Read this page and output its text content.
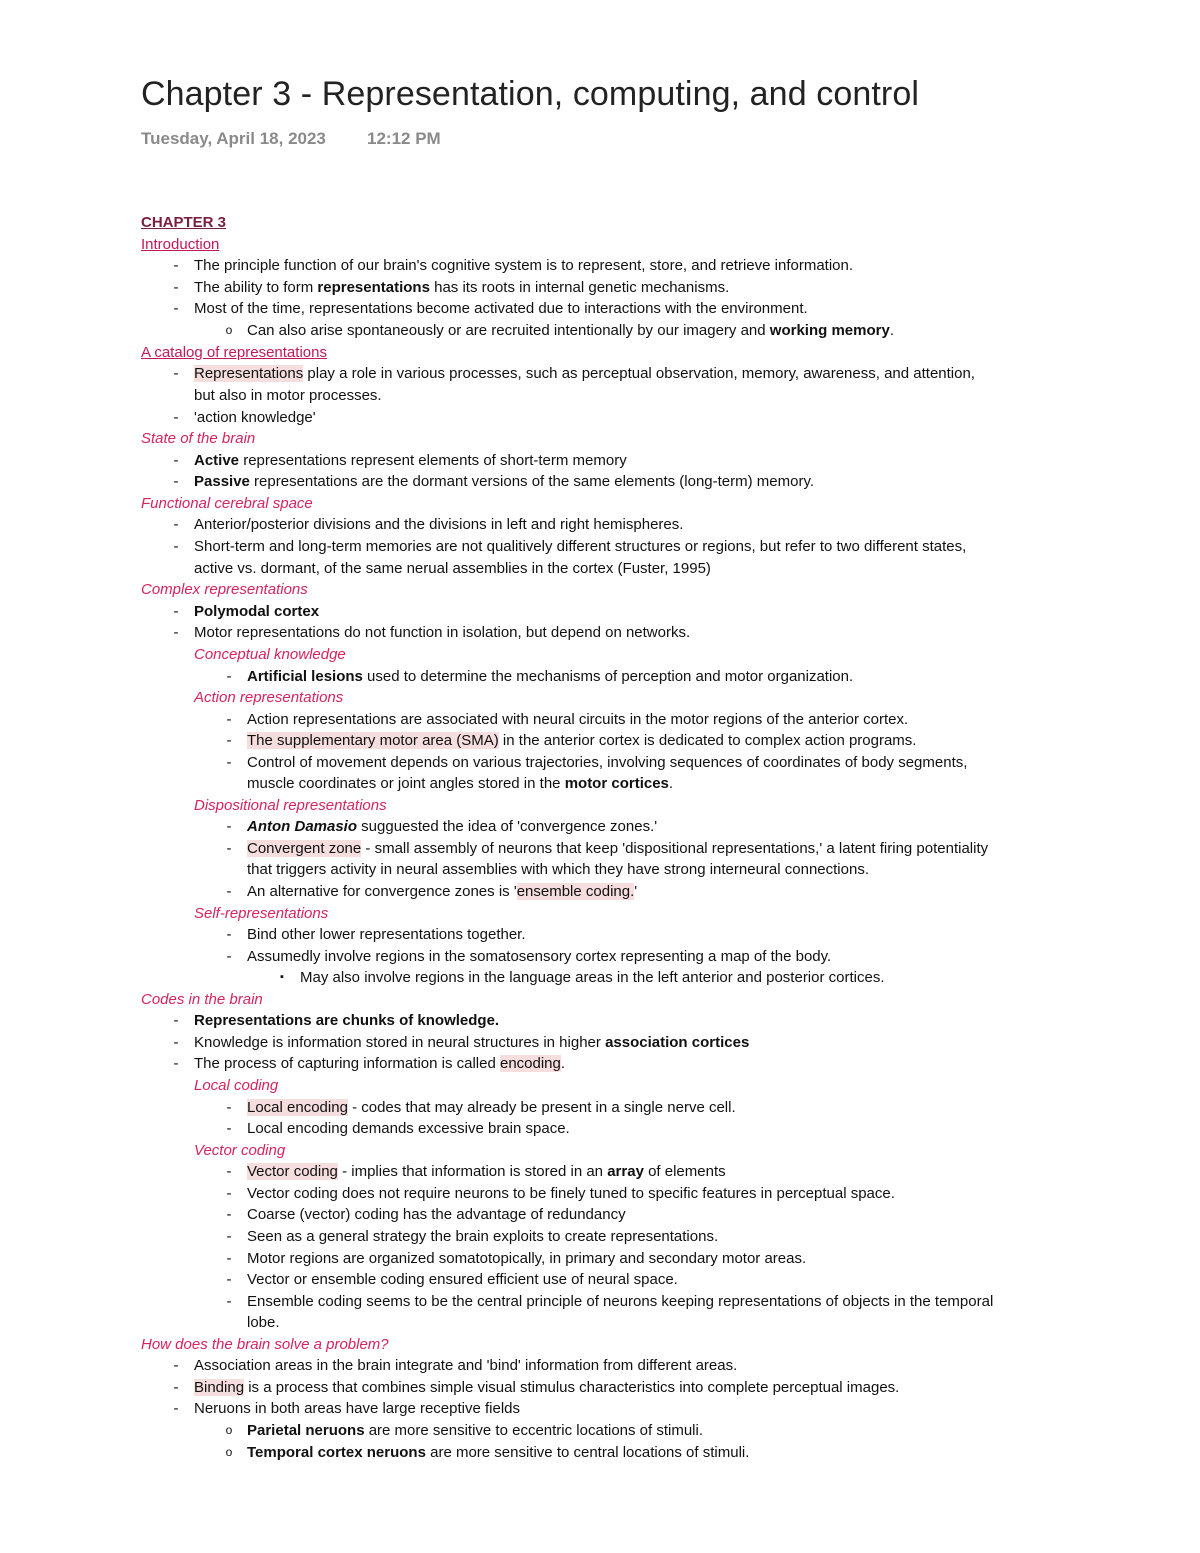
Chapter 3 - Representation, computing, and control
Tuesday, April 18, 2023 12:12 PM
CHAPTER 3
Introduction
-	The principle function of our brain's cognitive system is to represent, store, and retrieve information.
-	The ability to form representations has its roots in internal genetic mechanisms.
-	Most of the time, representations become activated due to interactions with the environment.
o Can also arise spontaneously or are recruited intentionally by our imagery and working memory.
A catalog of representations
-	Representations play a role in various processes, such as perceptual observation, memory, awareness, and attention,
but also in motor processes.
-	'action knowledge'
State of the brain
-	Active representations represent elements of short-term memory
-	Passive representations are the dormant versions of the same elements (long-term) memory.
Functional cerebral space
-	Anterior/posterior divisions and the divisions in left and right hemispheres.
-	Short-term and long-term memories are not qualitively different structures or regions, but refer to two different states,
active vs. dormant, of the same nerual assemblies in the cortex (Fuster, 1995)
Complex representations
-	Polymodal cortex
-	Motor representations do not function in isolation, but depend on networks.
Conceptual knowledge
-	Artificial lesions used to determine the mechanisms of perception and motor organization.
Action representations
-	Action representations are associated with neural circuits in the motor regions of the anterior cortex.
-	The supplementary motor area (SMA) in the anterior cortex is dedicated to complex action programs.
-	Control of movement depends on various trajectories, involving sequences of coordinates of body segments,
muscle coordinates or joint angles stored in the motor cortices.
Dispositional representations
-	Anton Damasio sugguested the idea of 'convergence zones.'
-	Convergent zone - small assembly of neurons that keep 'dispositional representations,' a latent firing potentiality
that triggers activity in neural assemblies with which they have strong interneural connections.
-	An alternative for convergence zones is 'ensemble coding.'
Self-representations
-	Bind other lower representations together.
-	Assumedly involve regions in the somatosensory cortex representing a map of the body.
▪	May also involve regions in the language areas in the left anterior and posterior cortices.
Codes in the brain
-	Representations are chunks of knowledge.
-	Knowledge is information stored in neural structures in higher association cortices
-	The process of capturing information is called encoding.
Local coding
-	Local encoding - codes that may already be present in a single nerve cell.
-	Local encoding demands excessive brain space.
Vector coding
-	Vector coding - implies that information is stored in an array of elements
-	Vector coding does not require neurons to be finely tuned to specific features in perceptual space.
-	Coarse (vector) coding has the advantage of redundancy
-	Seen as a general strategy the brain exploits to create representations.
-	Motor regions are organized somatotopically, in primary and secondary motor areas.
-	Vector or ensemble coding ensured efficient use of neural space.
-	Ensemble coding seems to be the central principle of neurons keeping representations of objects in the temporal
lobe.
How does the brain solve a problem?
-	Association areas in the brain integrate and 'bind' information from different areas.
-	Binding is a process that combines simple visual stimulus characteristics into complete perceptual images.
-	Neruons in both areas have large receptive fields
o Parietal neruons are more sensitive to eccentric locations of stimuli.
o Temporal cortex neruons are more sensitive to central locations of stimuli.
